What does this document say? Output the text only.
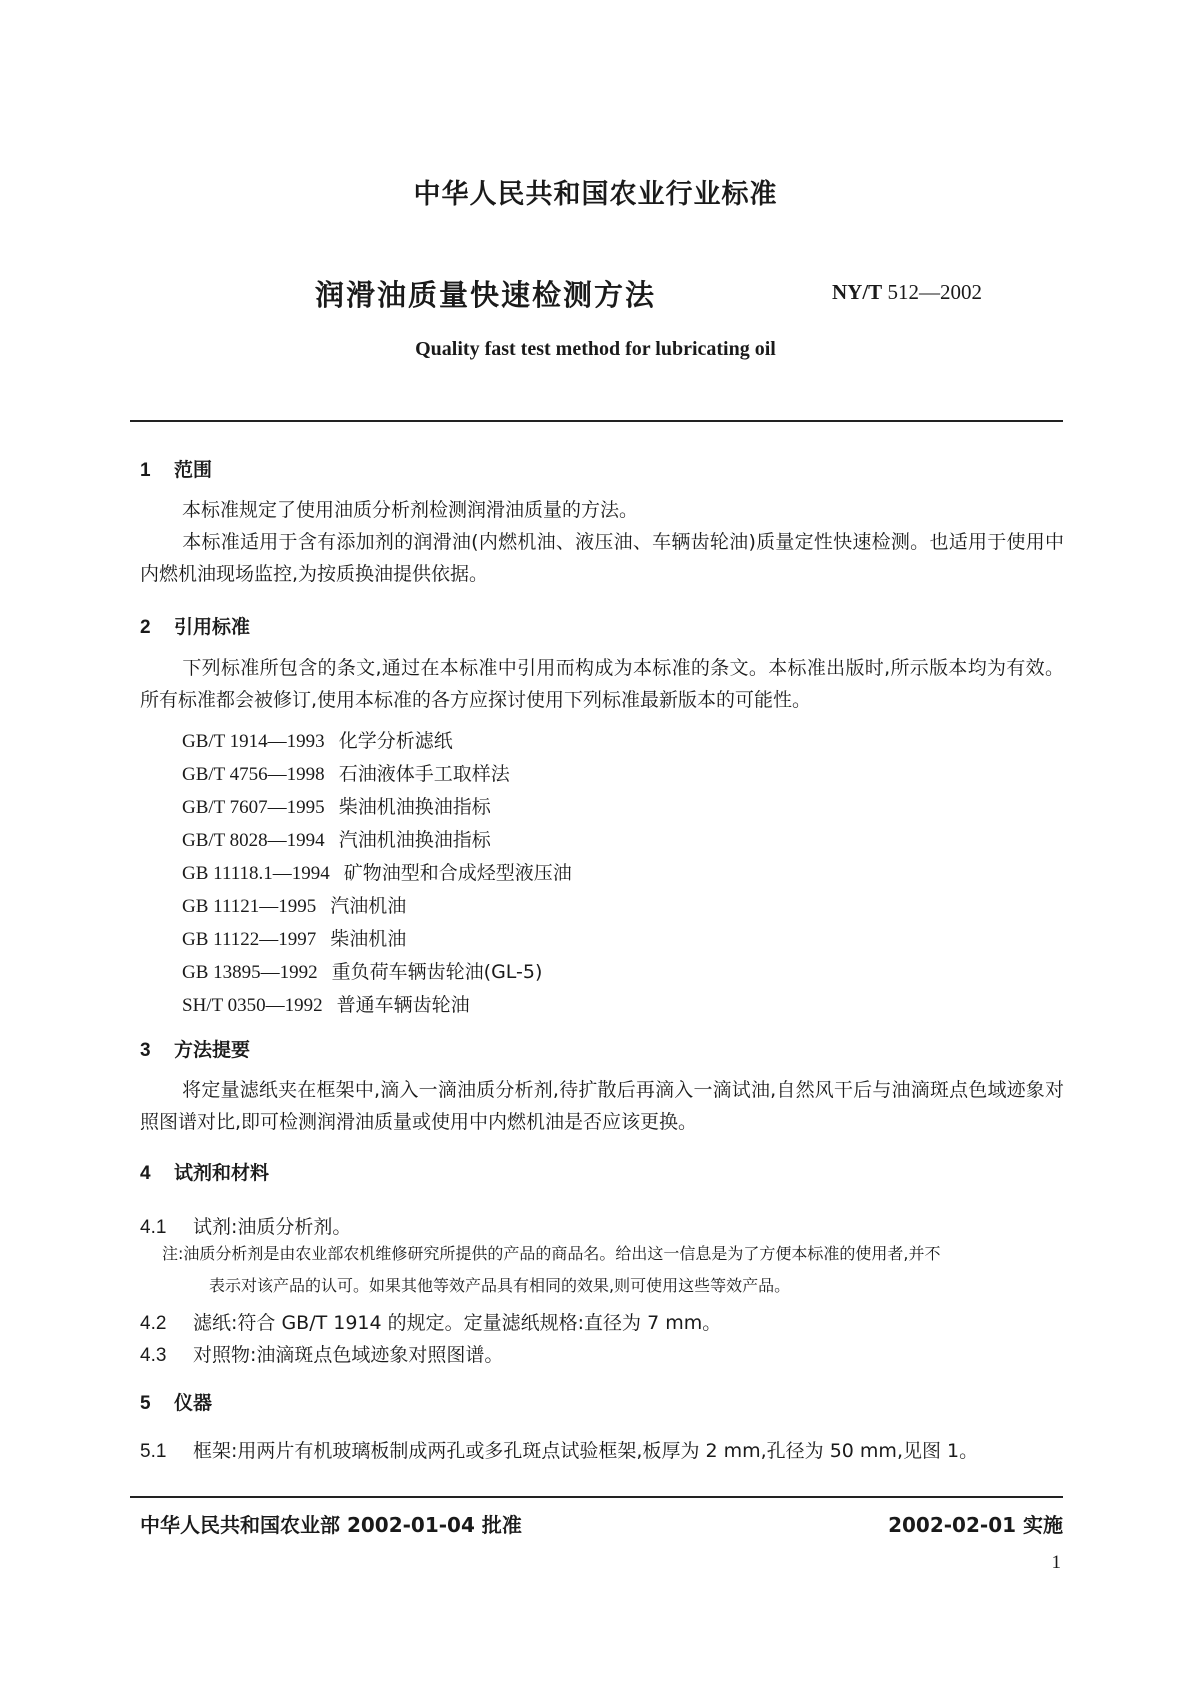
中华人民共和国农业行业标准
润滑油质量快速检测方法	NY/T 512—2002
Quality fast test method for lubricating oil
1 范围
本标准规定了使用油质分析剂检测润滑油质量的方法。
本标准适用于含有添加剂的润滑油(内燃机油、液压油、车辆齿轮油)质量定性快速检测。也适用于使用中内燃机油现场监控,为按质换油提供依据。
2 引用标准
下列标准所包含的条文,通过在本标准中引用而构成为本标准的条文。本标准出版时,所示版本均为有效。所有标准都会被修订,使用本标准的各方应探讨使用下列标准最新版本的可能性。
GB/T 1914—1993 化学分析滤纸
GB/T 4756—1998 石油液体手工取样法
GB/T 7607—1995 柴油机油换油指标
GB/T 8028—1994 汽油机油换油指标
GB 11118.1—1994 矿物油型和合成烃型液压油
GB 11121—1995 汽油机油
GB 11122—1997 柴油机油
GB 13895—1992 重负荷车辆齿轮油(GL-5)
SH/T 0350—1992 普通车辆齿轮油
3 方法提要
将定量滤纸夹在框架中,滴入一滴油质分析剂,待扩散后再滴入一滴试油,自然风干后与油滴斑点色域迹象对照图谱对比,即可检测润滑油质量或使用中内燃机油是否应该更换。
4 试剂和材料
4.1 试剂:油质分析剂。
注:油质分析剂是由农业部农机维修研究所提供的产品的商品名。给出这一信息是为了方便本标准的使用者,并不
表示对该产品的认可。如果其他等效产品具有相同的效果,则可使用这些等效产品。
4.2 滤纸:符合 GB/T 1914 的规定。定量滤纸规格:直径为 7 mm。
4.3 对照物:油滴斑点色域迹象对照图谱。
5 仪器
5.1 框架:用两片有机玻璃板制成两孔或多孔斑点试验框架,板厚为 2 mm,孔径为 50 mm,见图 1。
中华人民共和国农业部 2002-01-04 批准	2002-02-01 实施
1
